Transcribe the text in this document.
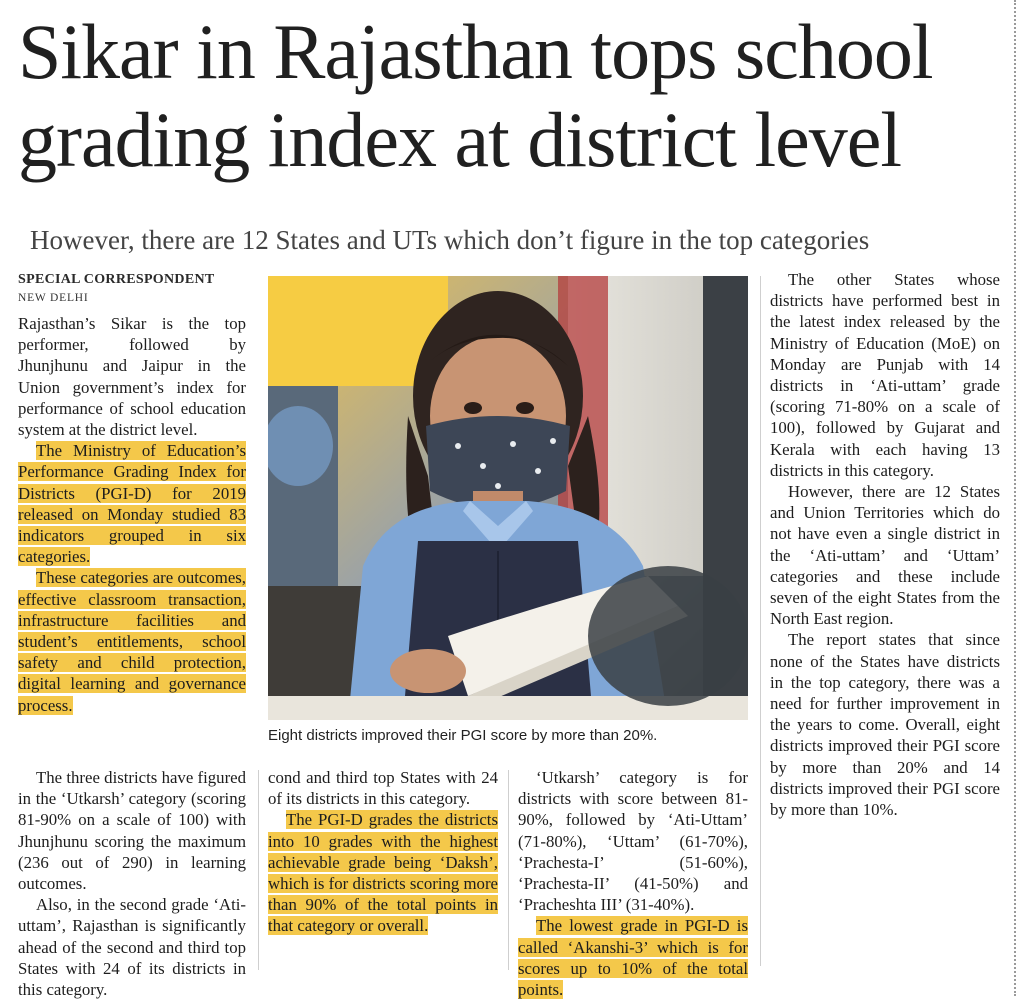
Sikar in Rajasthan tops school grading index at district level
However, there are 12 States and UTs which don’t figure in the top categories
SPECIAL CORRESPONDENT
NEW DELHI

Rajasthan’s Sikar is the top performer, followed by Jhunjhunu and Jaipur in the Union government’s index for performance of school education system at the district level.

The Ministry of Education’s Performance Grading Index for Districts (PGI-D) for 2019 released on Monday studied 83 indicators grouped in six categories.

These categories are outcomes, effective classroom transaction, infrastructure facilities and student’s entitlements, school safety and child protection, digital learning and governance process.

The three districts have figured in the ‘Utkarsh’ category (scoring 81-90% on a scale of 100) with Jhunjhunu scoring the maximum (236 out of 290) in learning outcomes.

Also, in the second grade ‘Ati-uttam’, Rajasthan is significantly ahead of the second and third top States with 24 of its districts in this category.

Eight districts improved their PGI score by more than 20%.

cond and third top States with 24 of its districts in this category.

The PGI-D grades the districts into 10 grades with the highest achievable grade being ‘Daksh’, which is for districts scoring more than 90% of the total points in that category or overall.

‘Utkarsh’ category is for districts with score between 81-90%, followed by ‘Ati-Uttam’ (71-80%), ‘Uttam’ (61-70%), ‘Prachesta-I’ (51-60%), ‘Prachesta-II’ (41-50%) and ‘Pracheshta III’ (31-40%).

The lowest grade in PGI-D is called ‘Akanshi-3’ which is for scores up to 10% of the total points.

The other States whose districts have performed best in the latest index released by the Ministry of Education (MoE) on Monday are Punjab with 14 districts in ‘Ati-uttam’ grade (scoring 71-80% on a scale of 100), followed by Gujarat and Kerala with each having 13 districts in this category.

However, there are 12 States and Union Territories which do not have even a single district in the ‘Ati-uttam’ and ‘Uttam’ categories and these include seven of the eight States from the North East region.

The report states that since none of the States have districts in the top category, there was a need for further improvement in the years to come. Overall, eight districts improved their PGI score by more than 20% and 14 districts improved their PGI score by more than 10%.
